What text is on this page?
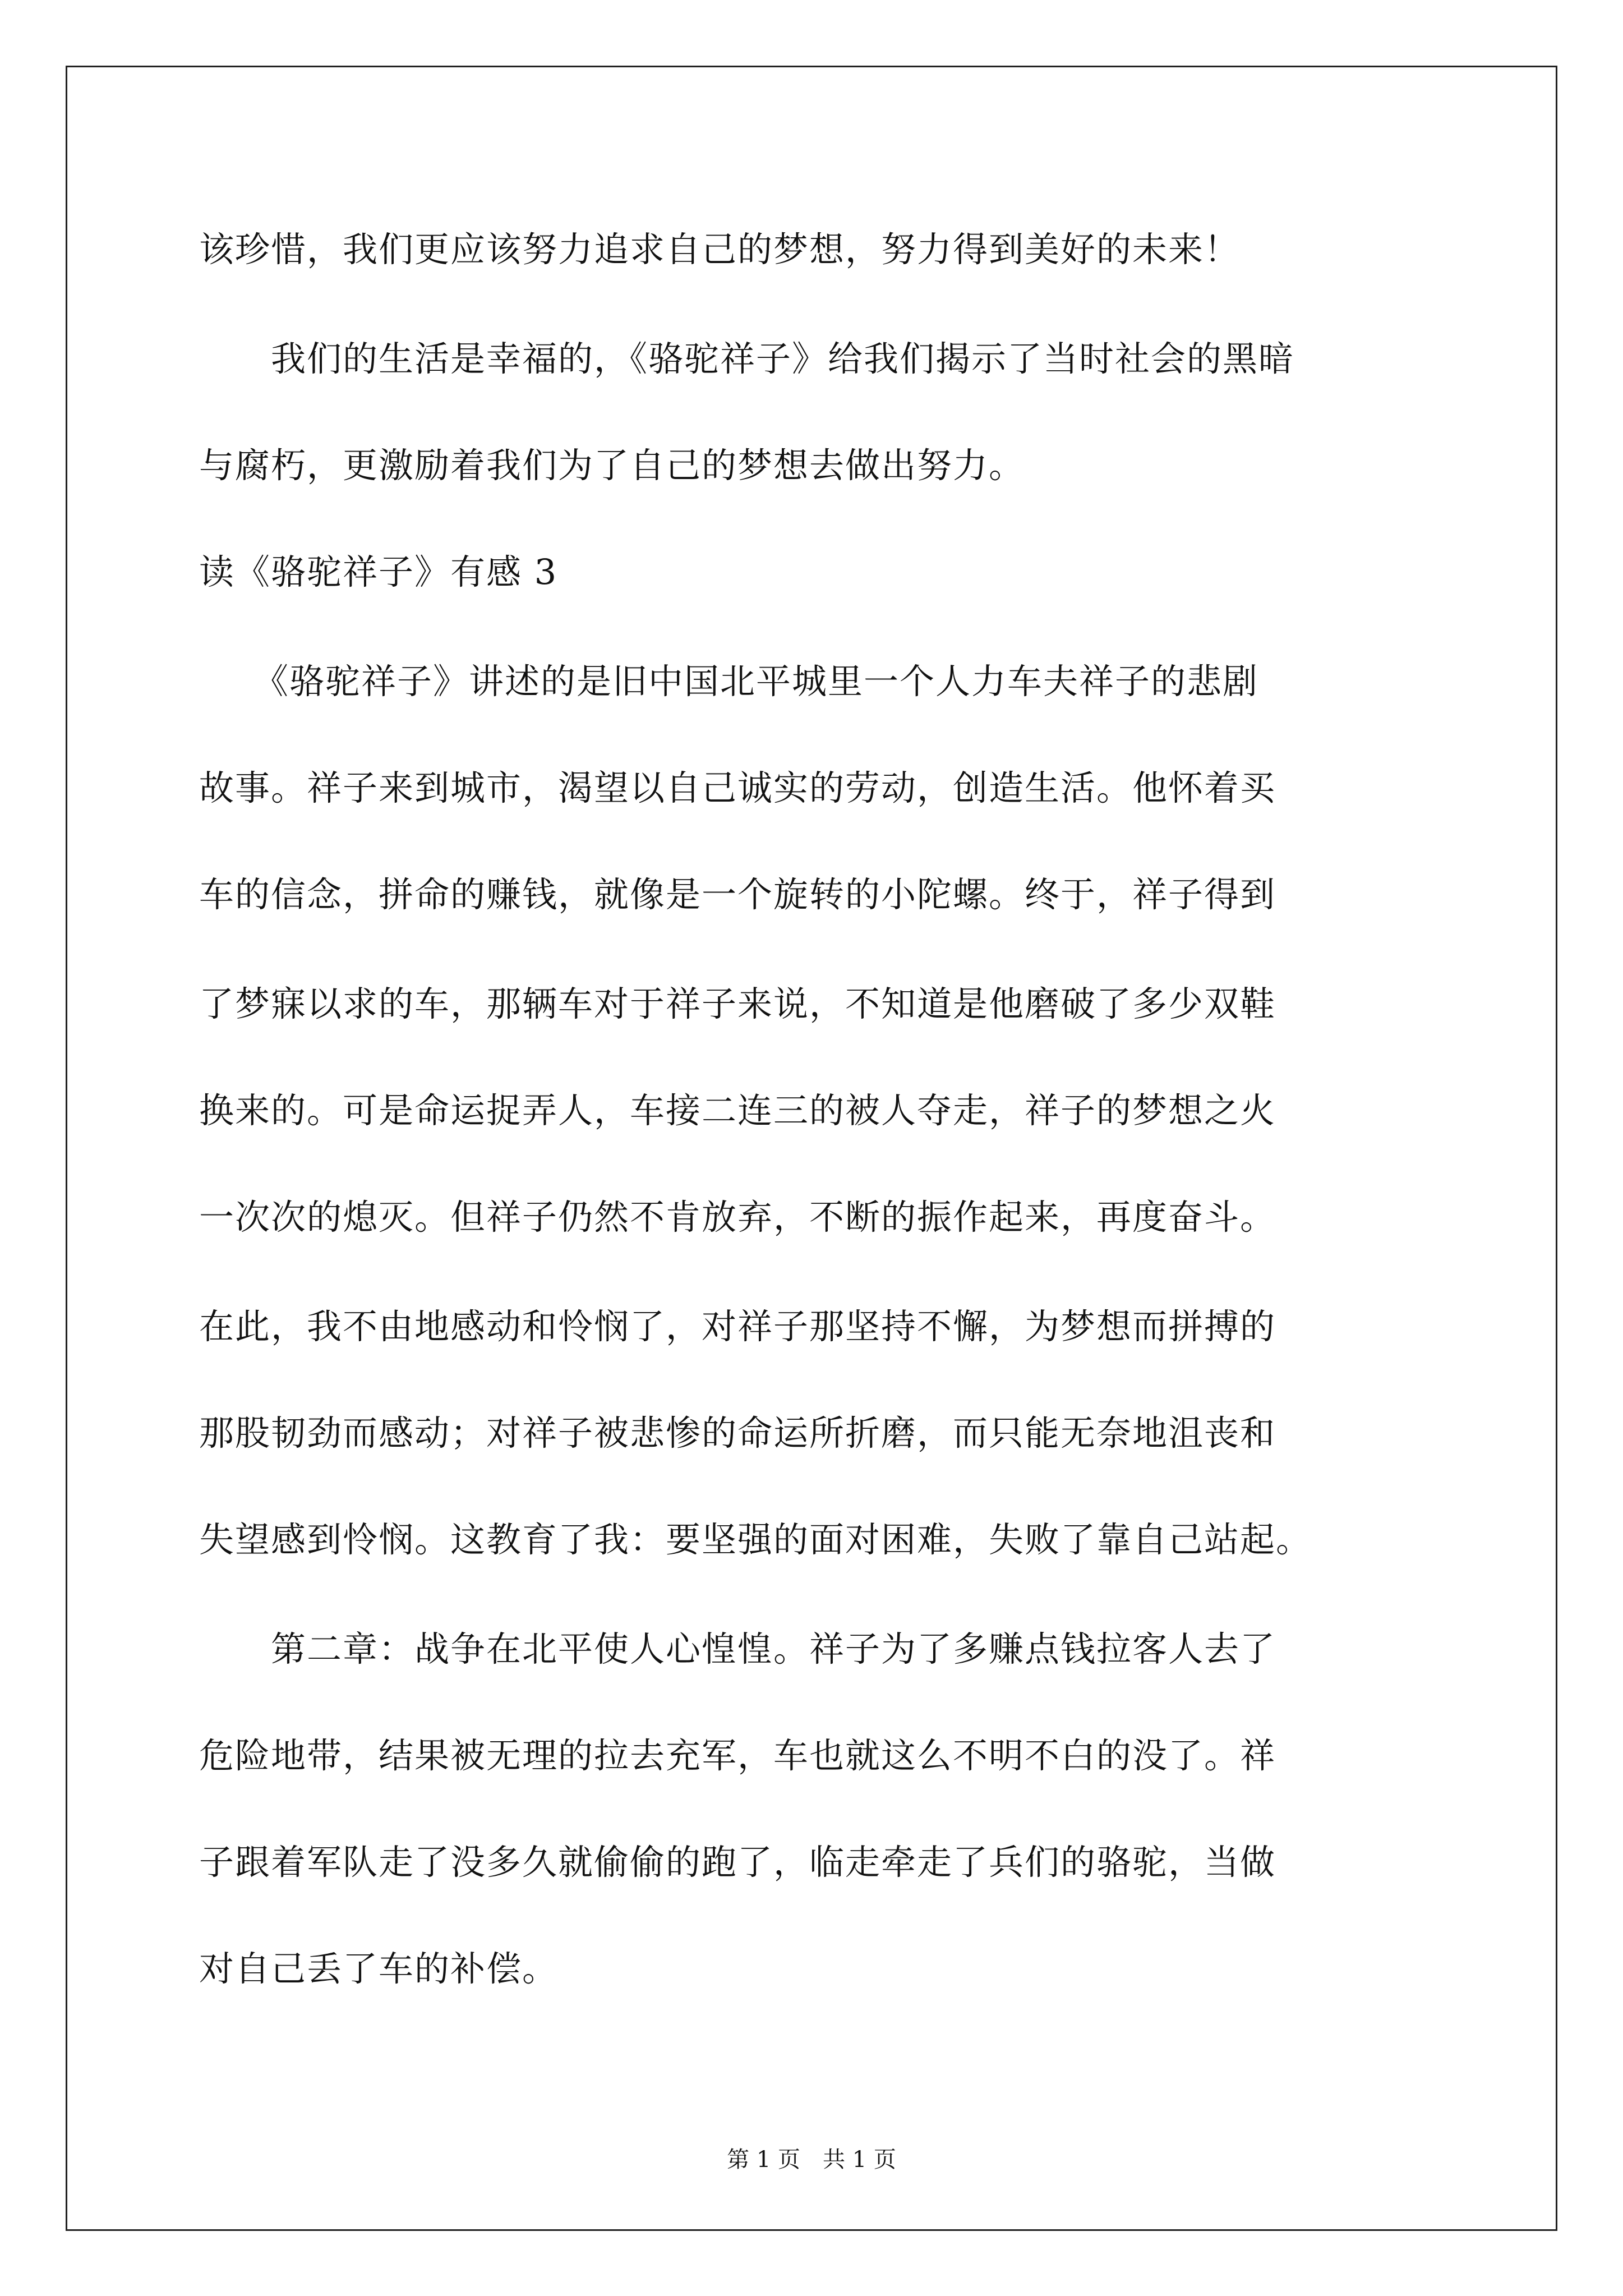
该珍惜，我们更应该努力追求自己的梦想，努力得到美好的未来！
　　我们的生活是幸福的，《骆驼祥子》给我们揭示了当时社会的黑暗
与腐朽，更激励着我们为了自己的梦想去做出努力。
读《骆驼祥子》有感 3
　　《骆驼祥子》讲述的是旧中国北平城里一个人力车夫祥子的悲剧
故事。祥子来到城市，渴望以自己诚实的劳动，创造生活。他怀着买
车的信念，拼命的赚钱，就像是一个旋转的小陀螺。终于，祥子得到
了梦寐以求的车，那辆车对于祥子来说，不知道是他磨破了多少双鞋
换来的。可是命运捉弄人，车接二连三的被人夺走，祥子的梦想之火
一次次的熄灭。但祥子仍然不肯放弃，不断的振作起来，再度奋斗。
在此，我不由地感动和怜悯了，对祥子那坚持不懈，为梦想而拼搏的
那股韧劲而感动；对祥子被悲惨的命运所折磨，而只能无奈地沮丧和
失望感到怜悯。这教育了我：要坚强的面对困难，失败了靠自己站起。
　　第二章：战争在北平使人心惶惶。祥子为了多赚点钱拉客人去了
危险地带，结果被无理的拉去充军，车也就这么不明不白的没了。祥
子跟着军队走了没多久就偷偷的跑了，临走牵走了兵们的骆驼，当做
对自己丢了车的补偿。
第 1 页　共 1 页
